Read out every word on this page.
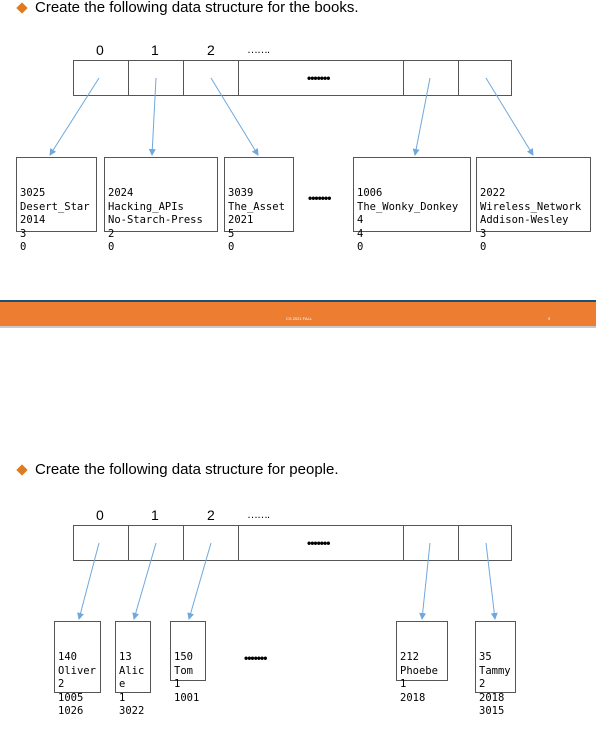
Create the following data structure for the books.
0	1	2	…….
•••••••

3025
Desert_Star
2014
3
0

2024
Hacking_APIs
No-Starch-Press
2
0

3039
The_Asset
2021
5
0

•••••••

	1006
The_Wonky_Donkey
4
4
0

2022
Wireless_Network
Addison-Wesley
3
0

CS 2021 FALL	9
Create the following data structure for people.
0	1	2	…….
•••••••

140
Oliver
2
1005
1026

13
Alic
e
1
3022

150
Tom
1
1001

•••••••

	212
Phoebe
1
2018

35
Tammy
2
2018
3015
